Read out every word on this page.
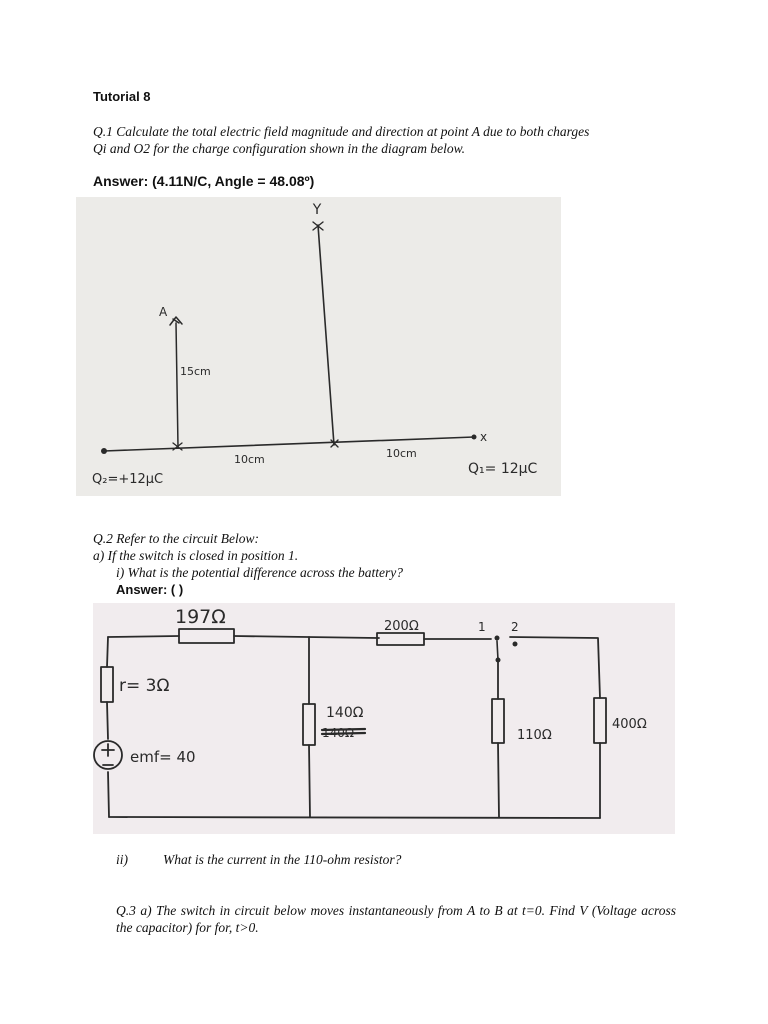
Tutorial 8
Q.1 Calculate the total electric field magnitude and direction at point A due to both charges
Qi and O2 for the charge configuration shown in the diagram below.
Answer: (4.11N/C, Angle = 48.08º)
Y
x
A
15cm
10cm	10cm
Q₂=+12μC
Q₁= 12μC
Q.2 Refer to the circuit Below:
a) If the switch is closed in position 1.
i) What is the potential difference across the battery?
Answer: ( )
197Ω	200Ω	1 2
r= 3Ω
emf= 40
140Ω
140Ω	110Ω
400Ω
ii)	What is the current in the 110-ohm resistor?
Q.3 a) The switch in circuit below moves instantaneously from A to B at t=0. Find V (Voltage across the capacitor) for for, t>0.
